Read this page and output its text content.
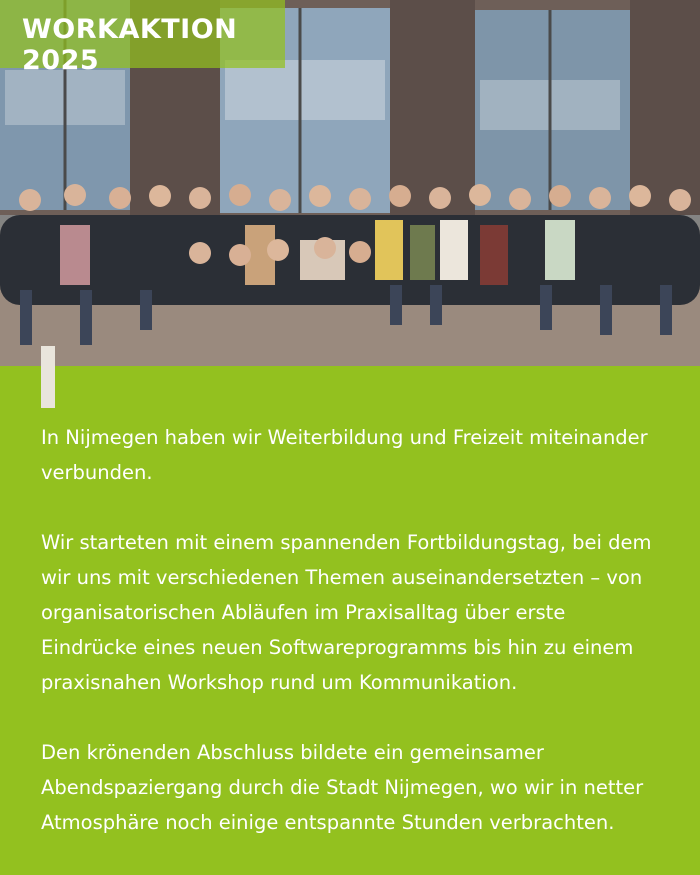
WORKAKTION 2025

In Nijmegen haben wir Weiterbildung und Freizeit miteinander verbunden.

Wir starteten mit einem spannenden Fortbildungstag, bei dem wir uns mit verschiedenen Themen auseinandersetzten – von organisatorischen Abläufen im Praxisalltag über erste Eindrücke eines neuen Softwareprogramms bis hin zu einem praxisnahen Workshop rund um Kommunikation.

Den krönenden Abschluss bildete ein gemeinsamer Abendspaziergang durch die Stadt Nijmegen, wo wir in netter Atmosphäre noch einige entspannte Stunden verbrachten.
